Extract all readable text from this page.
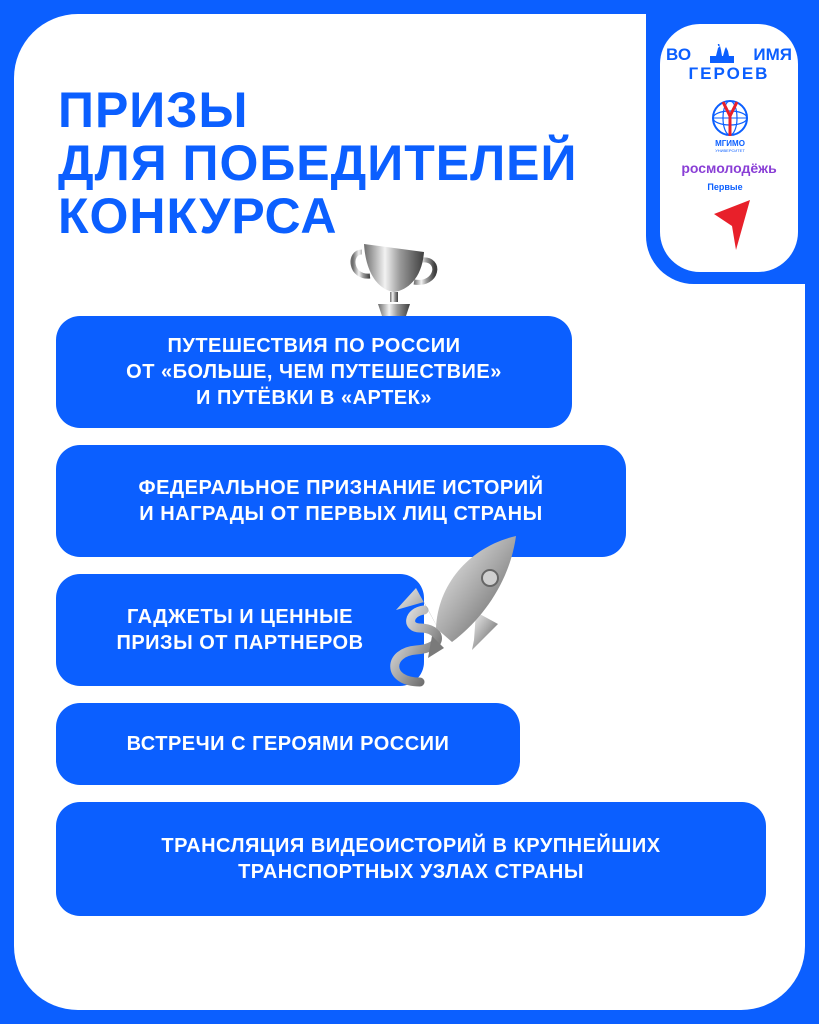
ВО	ИМЯ
ГЕРОЕВ
МГИМО
УНИВЕРСИТЕТ
росмолодёжь
Первые
ПРИЗЫ
ДЛЯ ПОБЕДИТЕЛЕЙ
КОНКУРСА
ПУТЕШЕСТВИЯ ПО РОССИИ
ОТ «БОЛЬШЕ, ЧЕМ ПУТЕШЕСТВИЕ»
И ПУТЁВКИ В «АРТЕК»
ФЕДЕРАЛЬНОЕ ПРИЗНАНИЕ ИСТОРИЙ
И НАГРАДЫ ОТ ПЕРВЫХ ЛИЦ СТРАНЫ
ГАДЖЕТЫ И ЦЕННЫЕ
ПРИЗЫ ОТ ПАРТНЕРОВ
ВСТРЕЧИ С ГЕРОЯМИ РОССИИ
ТРАНСЛЯЦИЯ ВИДЕОИСТОРИЙ В КРУПНЕЙШИХ
ТРАНСПОРТНЫХ УЗЛАХ СТРАНЫ
